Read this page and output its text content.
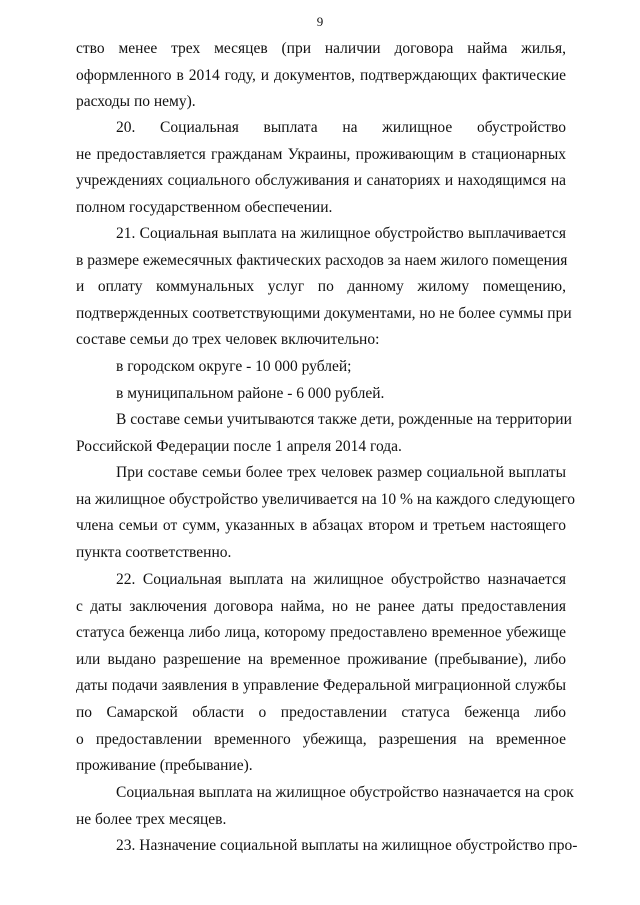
9
ство менее трех месяцев (при наличии договора найма жилья,
оформленного в 2014 году, и документов, подтверждающих фактические
расходы по нему).
20. Социальная выплата на жилищное обустройство
не предоставляется гражданам Украины, проживающим в стационарных
учреждениях социального обслуживания и санаториях и находящимся на
полном государственном обеспечении.
21. Социальная выплата на жилищное обустройство выплачивается
в размере ежемесячных фактических расходов за наем жилого помещения
и оплату коммунальных услуг по данному жилому помещению,
подтвержденных соответствующими документами, но не более суммы при
составе семьи до трех человек включительно:
в городском округе - 10 000 рублей;
в муниципальном районе - 6 000 рублей.
В составе семьи учитываются также дети, рожденные на территории
Российской Федерации после 1 апреля 2014 года.
При составе семьи более трех человек размер социальной выплаты
на жилищное обустройство увеличивается на 10 % на каждого следующего
члена семьи от сумм, указанных в абзацах втором и третьем настоящего
пункта соответственно.
22. Социальная выплата на жилищное обустройство назначается
с даты заключения договора найма, но не ранее даты предоставления
статуса беженца либо лица, которому предоставлено временное убежище
или выдано разрешение на временное проживание (пребывание), либо
даты подачи заявления в управление Федеральной миграционной службы
по Самарской области о предоставлении статуса беженца либо
о предоставлении временного убежища, разрешения на временное
проживание (пребывание).
Социальная выплата на жилищное обустройство назначается на срок
не более трех месяцев.
23. Назначение социальной выплаты на жилищное обустройство про-
